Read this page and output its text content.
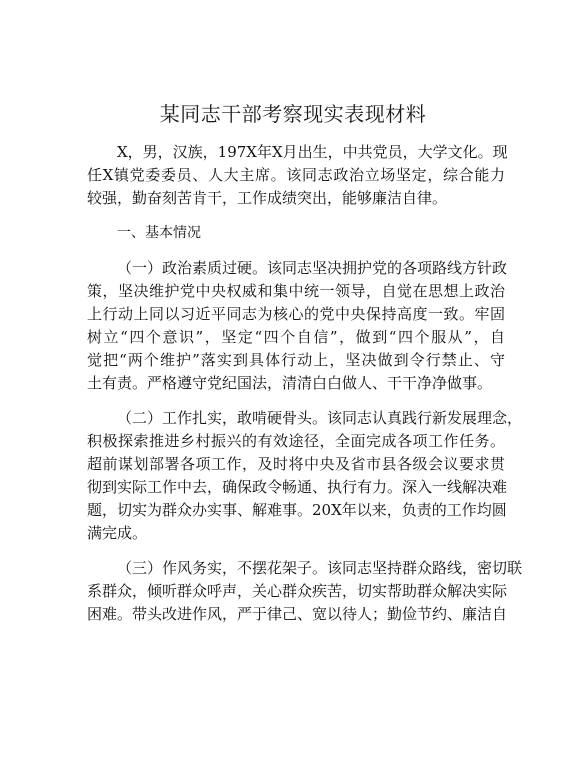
某同志干部考察现实表现材料
X，男，汉族，197X年X月出生，中共党员，大学文化。现
任X镇党委委员、人大主席。该同志政治立场坚定，综合能力
较强，勤奋刻苦肯干，工作成绩突出，能够廉洁自律。
一、基本情况
（一）政治素质过硬。该同志坚决拥护党的各项路线方针政
策，坚决维护党中央权威和集中统一领导，自觉在思想上政治
上行动上同以习近平同志为核心的党中央保持高度一致。牢固
树立“四个意识”，坚定“四个自信”，做到“四个服从”，自
觉把“两个维护”落实到具体行动上，坚决做到令行禁止、守
土有责。严格遵守党纪国法，清清白白做人、干干净净做事。
（二）工作扎实，敢啃硬骨头。该同志认真践行新发展理念，
积极探索推进乡村振兴的有效途径，全面完成各项工作任务。
超前谋划部署各项工作，及时将中央及省市县各级会议要求贯
彻到实际工作中去，确保政令畅通、执行有力。深入一线解决难
题，切实为群众办实事、解难事。20X年以来，负责的工作均圆
满完成。
（三）作风务实，不摆花架子。该同志坚持群众路线，密切联
系群众，倾听群众呼声，关心群众疾苦，切实帮助群众解决实际
困难。带头改进作风，严于律己、宽以待人；勤俭节约、廉洁自
